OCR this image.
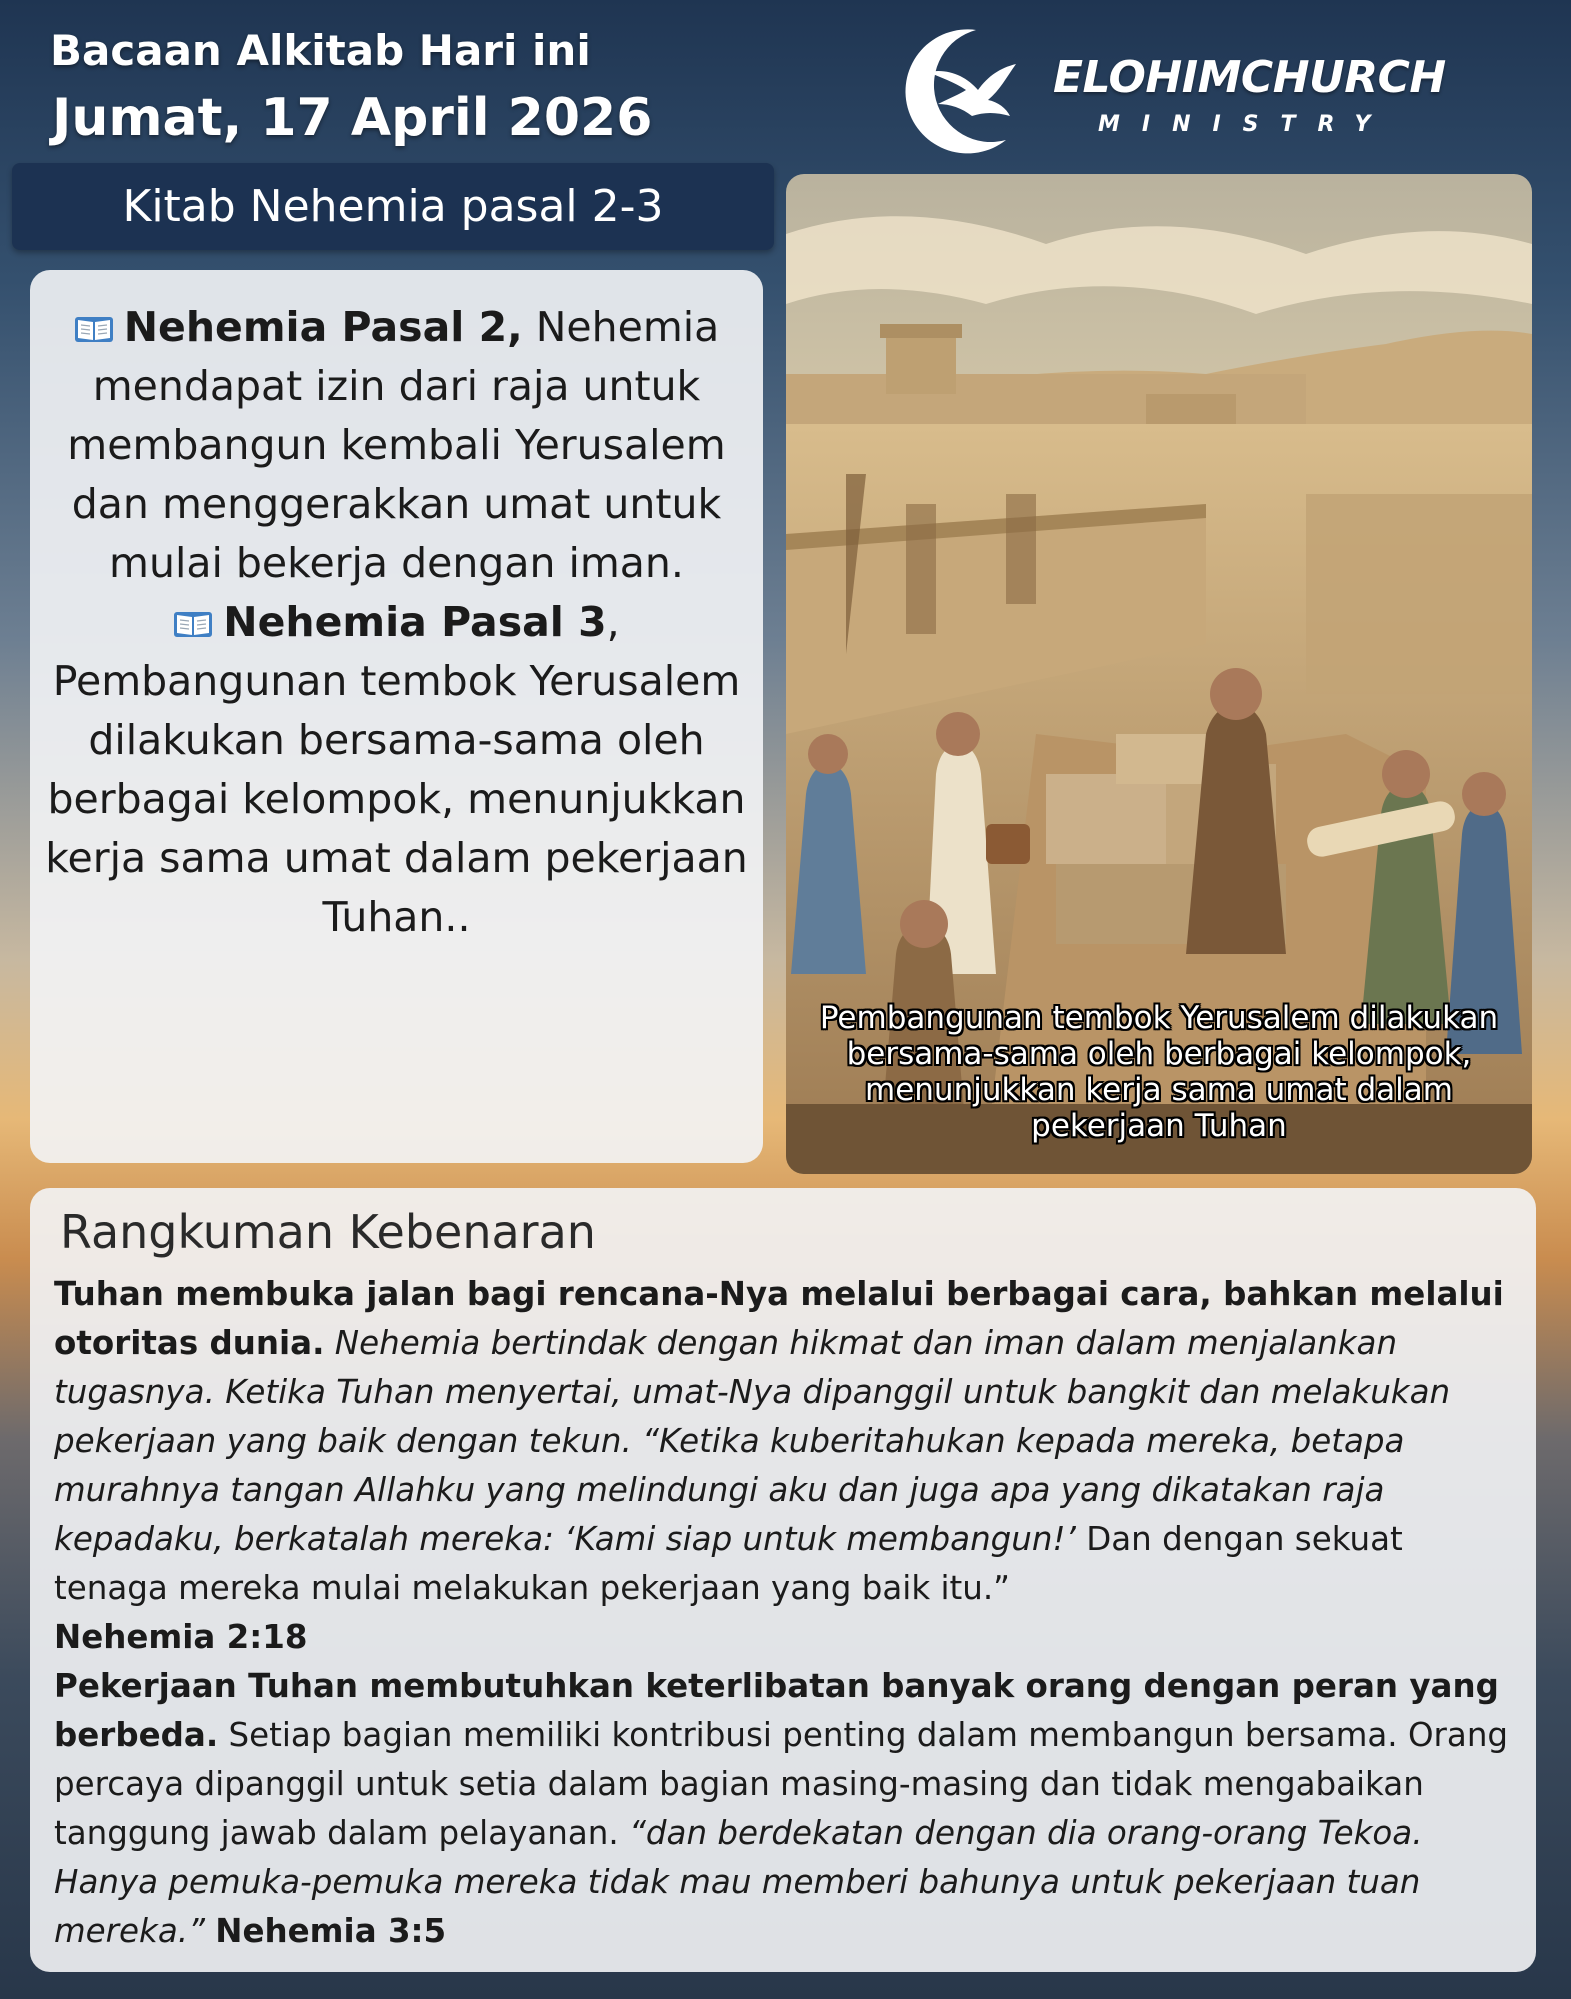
Bacaan Alkitab Hari ini
Jumat, 17 April 2026
ELOHIMCHURCH
MINISTRY
Kitab Nehemia pasal 2-3
Nehemia Pasal 2, Nehemia mendapat izin dari raja untuk membangun kembali Yerusalem dan menggerakkan umat untuk mulai bekerja dengan iman.
Nehemia Pasal 3, Pembangunan tembok Yerusalem dilakukan bersama-sama oleh berbagai kelompok, menunjukkan kerja sama umat dalam pekerjaan Tuhan..
Pembangunan tembok Yerusalem dilakukan bersama-sama oleh berbagai kelompok, menunjukkan kerja sama umat dalam pekerjaan Tuhan
Rangkuman Kebenaran
Tuhan membuka jalan bagi rencana-Nya melalui berbagai cara, bahkan melalui otoritas dunia. Nehemia bertindak dengan hikmat dan iman dalam menjalankan tugasnya. Ketika Tuhan menyertai, umat-Nya dipanggil untuk bangkit dan melakukan pekerjaan yang baik dengan tekun. “Ketika kuberitahukan kepada mereka, betapa murahnya tangan Allahku yang melindungi aku dan juga apa yang dikatakan raja kepadaku, berkatalah mereka: ‘Kami siap untuk membangun!’ Dan dengan sekuat tenaga mereka mulai melakukan pekerjaan yang baik itu.”
Nehemia 2:18
Pekerjaan Tuhan membutuhkan keterlibatan banyak orang dengan peran yang berbeda. Setiap bagian memiliki kontribusi penting dalam membangun bersama. Orang percaya dipanggil untuk setia dalam bagian masing-masing dan tidak mengabaikan tanggung jawab dalam pelayanan. “dan berdekatan dengan dia orang-orang Tekoa. Hanya pemuka-pemuka mereka tidak mau memberi bahunya untuk pekerjaan tuan mereka.” Nehemia 3:5
